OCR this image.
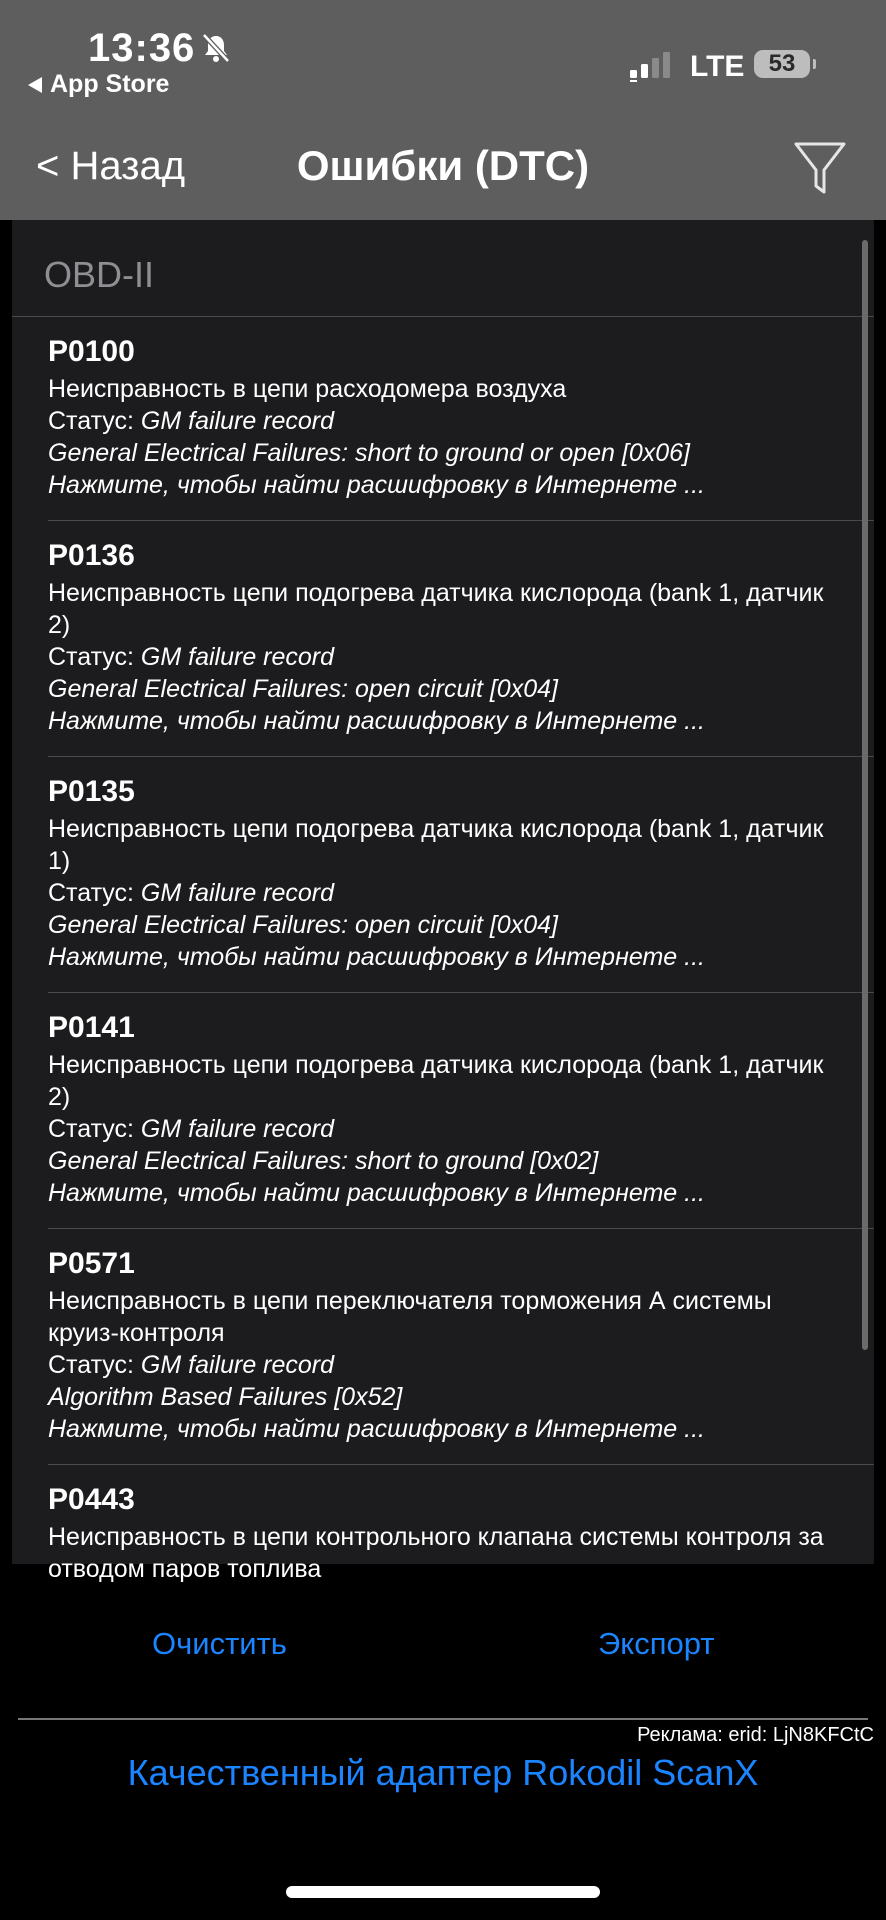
13:36
App Store
LTE 53
< Назад	Ошибки (DTC)
OBD-II
P0100
Неисправность в цепи расходомера воздуха
Статус: GM failure record
General Electrical Failures: short to ground or open [0x06]
Нажмите, чтобы найти расшифровку в Интернете ...
P0136
Неисправность цепи подогрева датчика кислорода (bank 1, датчик 2)
Статус: GM failure record
General Electrical Failures: open circuit [0x04]
Нажмите, чтобы найти расшифровку в Интернете ...
P0135
Неисправность цепи подогрева датчика кислорода (bank 1, датчик 1)
Статус: GM failure record
General Electrical Failures: open circuit [0x04]
Нажмите, чтобы найти расшифровку в Интернете ...
P0141
Неисправность цепи подогрева датчика кислорода (bank 1, датчик 2)
Статус: GM failure record
General Electrical Failures: short to ground [0x02]
Нажмите, чтобы найти расшифровку в Интернете ...
P0571
Неисправность в цепи переключателя торможения А системы круиз-контроля
Статус: GM failure record
Algorithm Based Failures [0x52]
Нажмите, чтобы найти расшифровку в Интернете ...
P0443
Неисправность в цепи контрольного клапана системы контроля за отводом паров топлива
Очистить	Экспорт
Реклама: erid: LjN8KFCtC
Качественный адаптер Rokodil ScanX
